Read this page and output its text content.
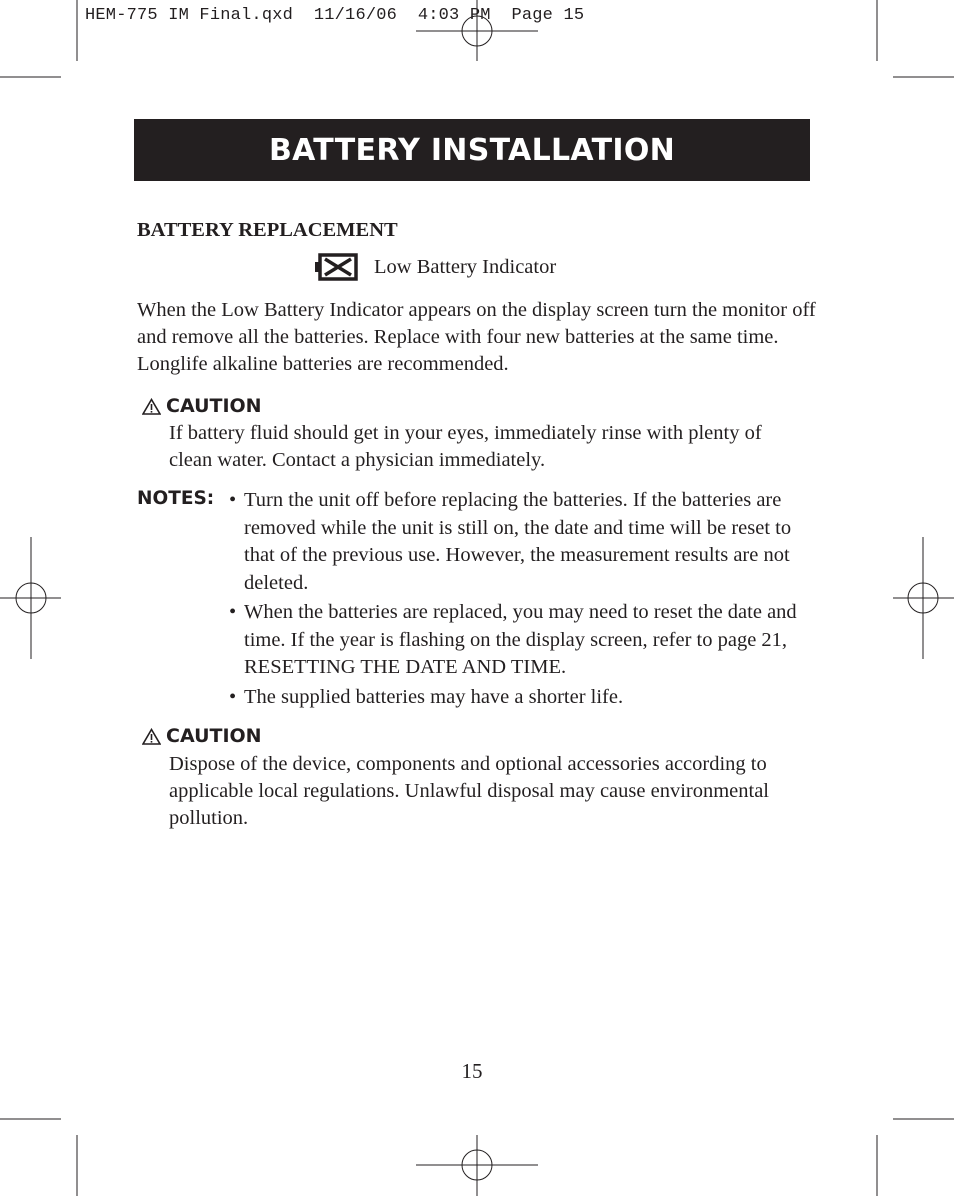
HEM-775 IM Final.qxd  11/16/06  4:03 PM  Page 15
BATTERY INSTALLATION
BATTERY REPLACEMENT
Low Battery Indicator
When the Low Battery Indicator appears on the display screen turn the monitor off and remove all the batteries. Replace with four new batteries at the same time. Longlife alkaline batteries are recommended.
CAUTION
If battery fluid should get in your eyes, immediately rinse with plenty of clean water. Contact a physician immediately.
NOTES: • Turn the unit off before replacing the batteries. If the batteries are removed while the unit is still on, the date and time will be reset to that of the previous use. However, the measurement results are not deleted.
• When the batteries are replaced, you may need to reset the date and time. If the year is flashing on the display screen, refer to page 21, RESETTING THE DATE AND TIME.
• The supplied batteries may have a shorter life.
CAUTION
Dispose of the device, components and optional accessories according to applicable local regulations. Unlawful disposal may cause environmental pollution.
15
